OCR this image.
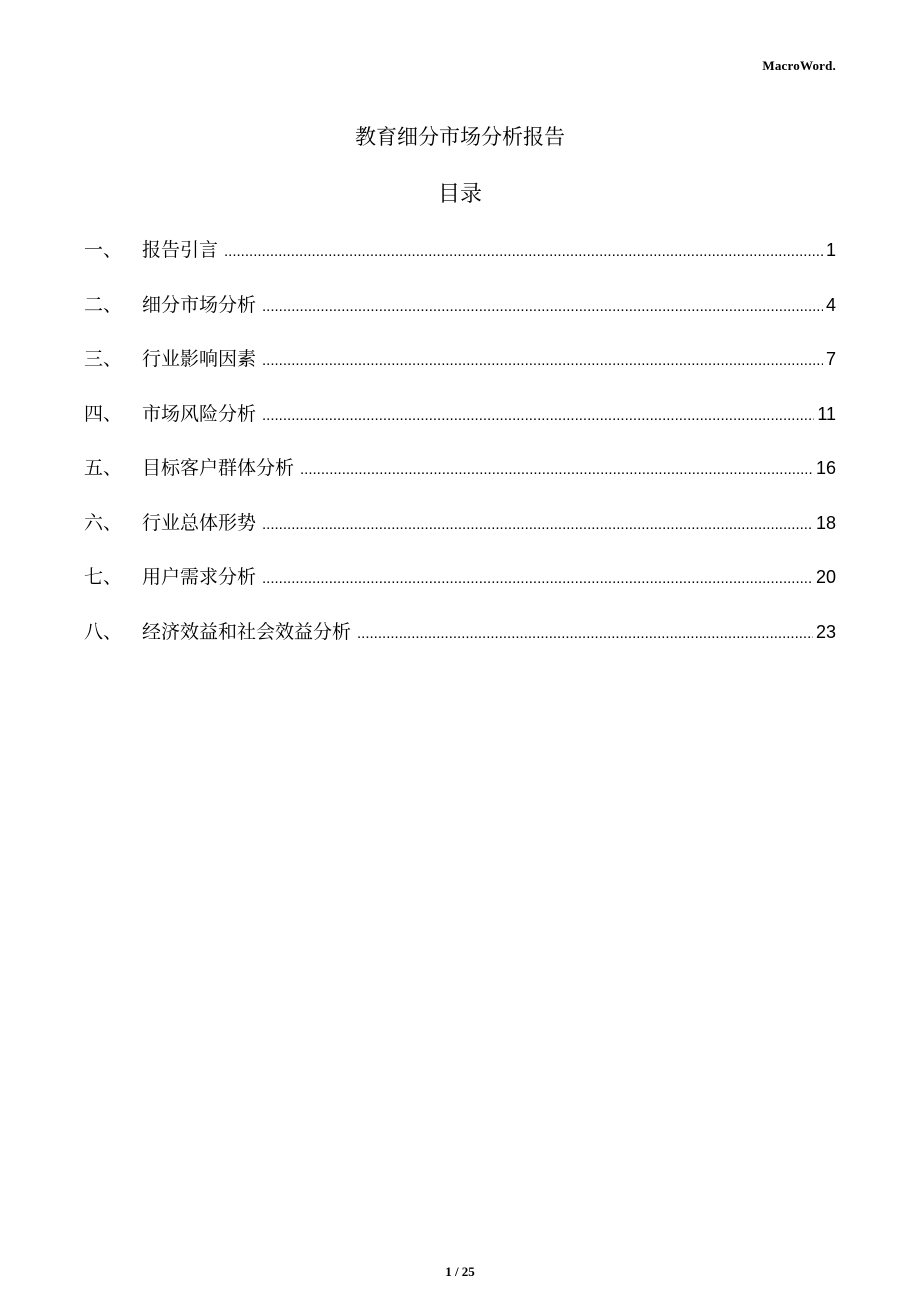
MacroWord.
教育细分市场分析报告
目录
一、	报告引言 .....	1
二、	细分市场分析 .....	4
三、	行业影响因素 .....	7
四、	市场风险分析 .....	11
五、	目标客户群体分析 .....	16
六、	行业总体形势 .....	18
七、	用户需求分析 .....	20
八、	经济效益和社会效益分析 .....	23
1 / 25
